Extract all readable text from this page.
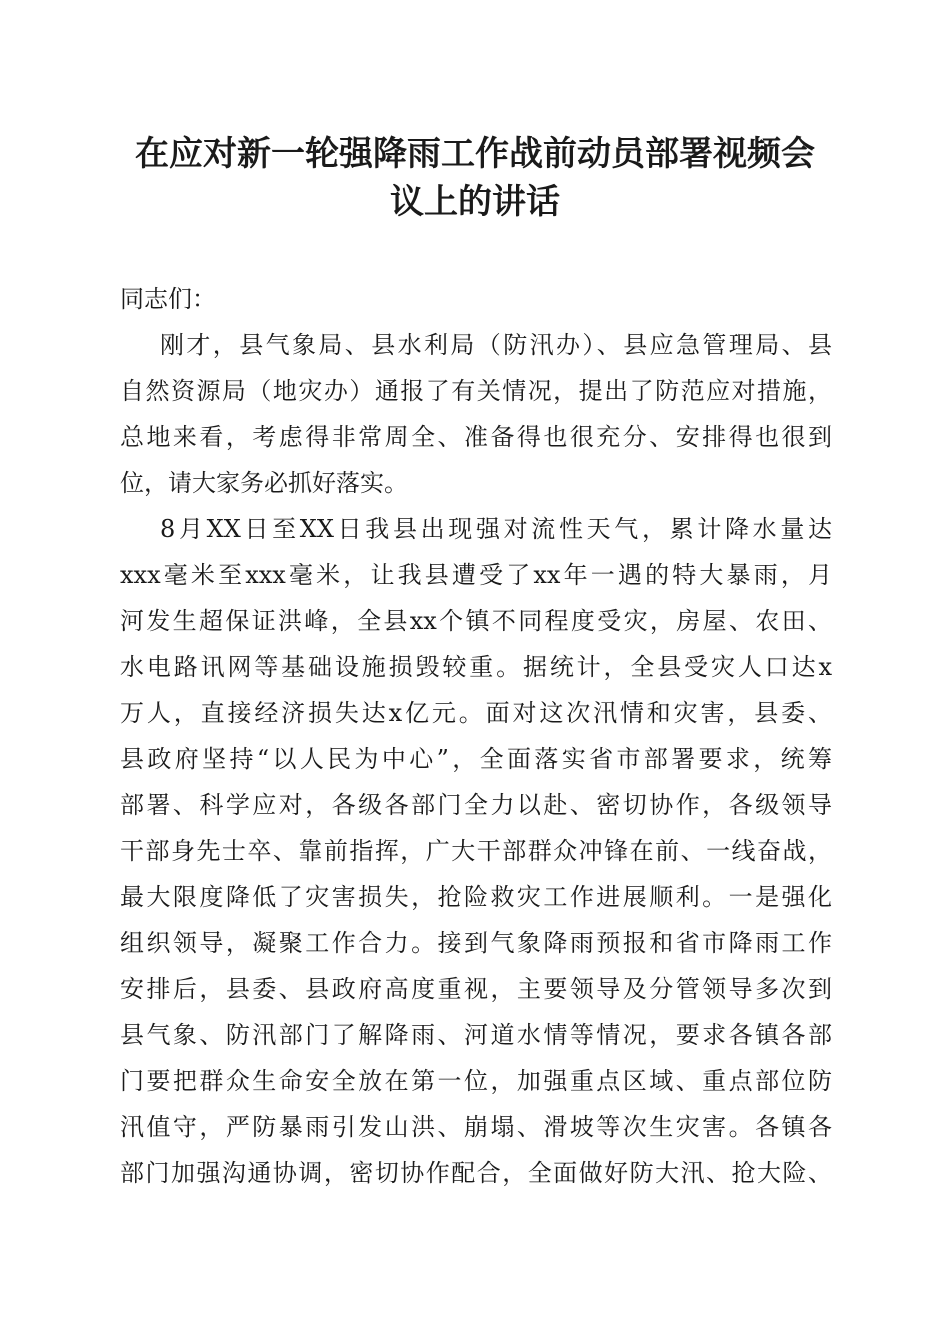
在应对新一轮强降雨工作战前动员部署视频会
议上的讲话
同志们：
刚才，县气象局、县水利局（防汛办）、县应急管理局、县
自然资源局（地灾办）通报了有关情况，提出了防范应对措施，
总地来看，考虑得非常周全、准备得也很充分、安排得也很到
位，请大家务必抓好落实。
8月XX日至XX日我县出现强对流性天气，累计降水量达
xxx毫米至xxx毫米，让我县遭受了xx年一遇的特大暴雨，月
河发生超保证洪峰，全县xx个镇不同程度受灾，房屋、农田、
水电路讯网等基础设施损毁较重。据统计，全县受灾人口达x
万人，直接经济损失达x亿元。面对这次汛情和灾害，县委、
县政府坚持“以人民为中心”，全面落实省市部署要求，统筹
部署、科学应对，各级各部门全力以赴、密切协作，各级领导
干部身先士卒、靠前指挥，广大干部群众冲锋在前、一线奋战，
最大限度降低了灾害损失，抢险救灾工作进展顺利。一是强化
组织领导，凝聚工作合力。接到气象降雨预报和省市降雨工作
安排后，县委、县政府高度重视，主要领导及分管领导多次到
县气象、防汛部门了解降雨、河道水情等情况，要求各镇各部
门要把群众生命安全放在第一位，加强重点区域、重点部位防
汛值守，严防暴雨引发山洪、崩塌、滑坡等次生灾害。各镇各
部门加强沟通协调，密切协作配合，全面做好防大汛、抢大险、
